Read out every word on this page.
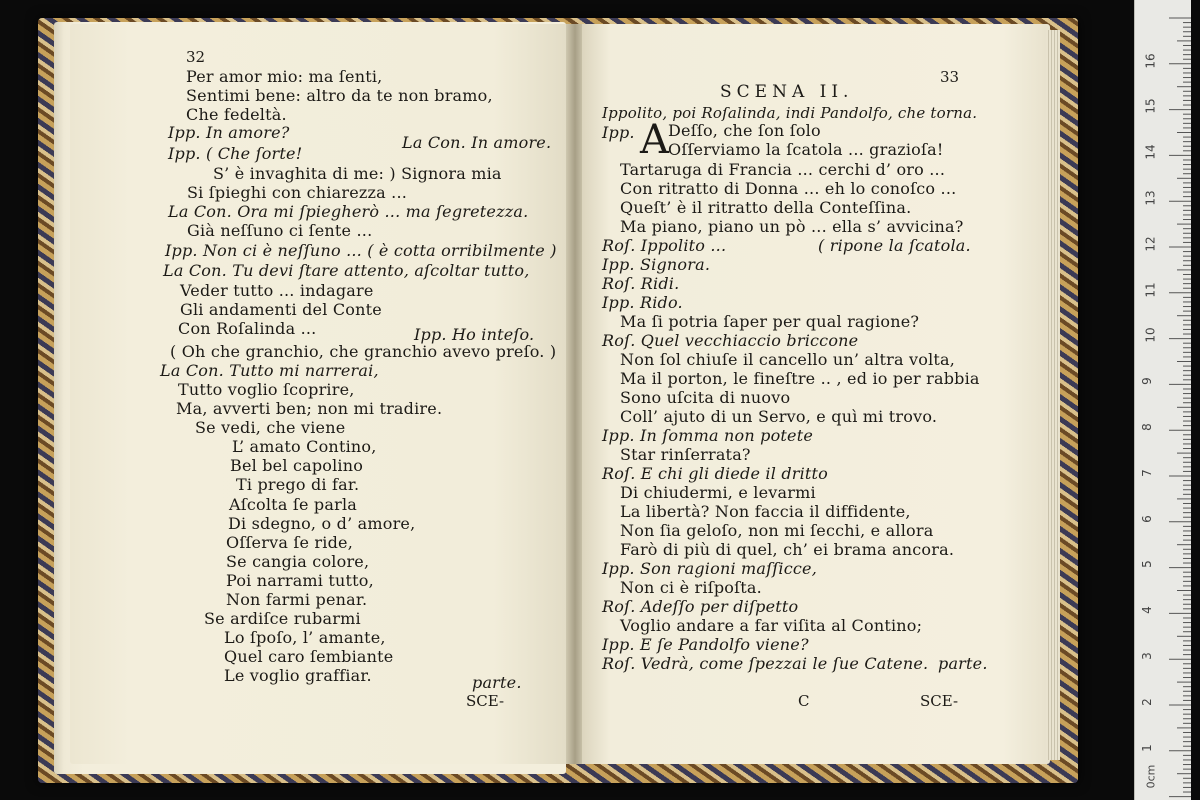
32
Per amor mio: ma ſenti,
Sentimi bene: altro da te non bramo,
Che fedeltà.
Ipp. In amore?
La Con. In amore.
Ipp. ( Che ſorte!
S’ è invaghita di me: ) Signora mia
Si ſpieghi con chiarezza ...
La Con. Ora mi ſpiegherò ... ma ſegretezza.
Già neſſuno ci ſente ...
Ipp. Non ci è neſſuno ... ( è cotta orribilmente )
La Con. Tu devi ſtare attento, aſcoltar tutto,
Veder tutto ... indagare
Gli andamenti del Conte
Con Roſalinda ...	Ipp. Ho inteſo.
( Oh che granchio, che granchio avevo preſo. )
La Con. Tutto mi narrerai,
Tutto voglio ſcoprire,
Ma, avverti ben; non mi tradire.
Se vedi, che viene
L’ amato Contino,
Bel bel capolino
Ti prego di far.
Aſcolta ſe parla
Di sdegno, o d’ amore,
Oſſerva ſe ride,
Se cangia colore,
Poi narrami tutto,
Non farmi penar.
Se ardiſce rubarmi
Lo ſpoſo, l’ amante,
Quel caro ſembiante
Le voglio graffiar.	parte.
SCE-
SCENA II.
33
Ippolito, poi Roſalinda, indi Pandolfo, che torna.
Ipp. A Deſſo, che ſon ſolo
Oſſerviamo la ſcatola ... grazioſa!
Tartaruga di Francia ... cerchi d’ oro ...
Con ritratto di Donna ... eh lo conoſco ...
Queſt’ è il ritratto della Conteſſina.
Ma piano, piano un pò ... ella s’ avvicina?
Roſ. Ippolito ...	( ripone la ſcatola.
Ipp. Signora.
Roſ. Ridi.
Ipp. Rido.
Ma ſi potria ſaper per qual ragione?
Roſ. Quel vecchiaccio briccone
Non ſol chiuſe il cancello un’ altra volta,
Ma il porton, le fineſtre .. , ed io per rabbia
Sono uſcita di nuovo
Coll’ ajuto di un Servo, e quì mi trovo.
Ipp. In ſomma non potete
Star rinſerrata?
Roſ. E chi gli diede il dritto
Di chiudermi, e levarmi
La libertà? Non faccia il diffidente,
Non ſia geloſo, non mi ſecchi, e allora
Farò di più di quel, ch’ ei brama ancora.
Ipp. Son ragioni maſſicce,
Non ci è riſpoſta.
Roſ. Adeſſo per diſpetto
Voglio andare a far viſita al Contino;
Ipp. E ſe Pandolfo viene?
Roſ. Vedrà, come ſpezzai le ſue Catene. parte.
C	SCE-
16
15
14
13
12
11
10
9
8
7
6
5
4
3
2
1
0cm
